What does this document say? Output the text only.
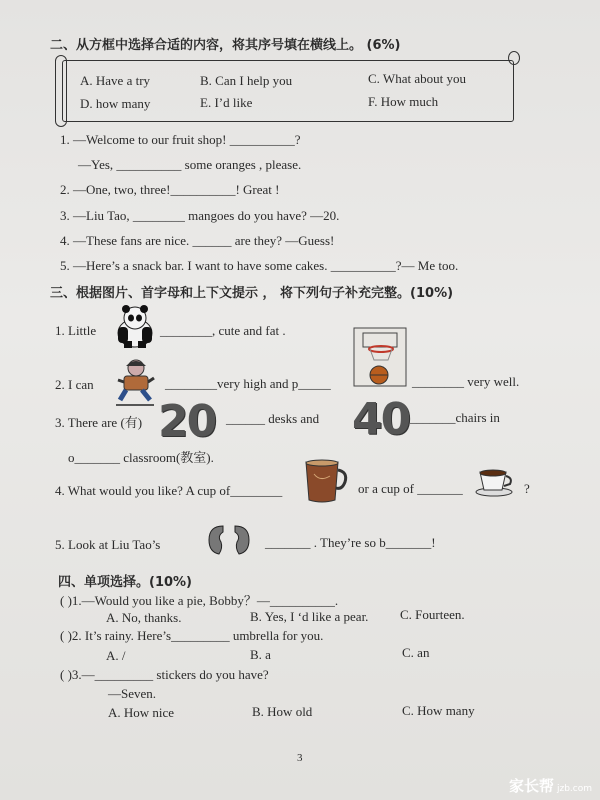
二、从方框中选择合适的内容，将其序号填在横线上。 (6%)
A. Have a try	B. Can I help you	C. What about you
D. how many	E. I’d like	F. How much
1. —Welcome to our fruit shop! __________?
—Yes, __________ some oranges , please.
2. —One, two, three!__________! Great !
3. —Liu Tao, ________ mangoes do you have? —20.
4. —These fans are nice. ______ are they? —Guess!
5. —Here’s a snack bar. I want to have some cakes. __________?— Me too.
三、根据图片、首字母和上下文提示 ， 将下列句子补充完整。(10%)
1. Little	________, cute and fat .
2. I can	________very high and p_____	________ very well.
3. There are (有) 20 ______ desks and 40 _______chairs in
o_______ classroom(教室).
4. What would you like? A cup of________	or a cup of _______	?
5. Look at Liu Tao’s	_______ . They’re so b_______!
四、单项选择。(10%)
( )1.—Would you like a pie, Bobby？—__________.
A. No, thanks.	B. Yes, I ‘d like a pear. C. Fourteen.
( )2. It’s rainy. Here’s_________ umbrella for you.
A. /	B. a	C. an
( )3.—_________ stickers do you have?
—Seven.
A. How nice	B. How old	C. How many
3
家长帮 jzb.com
